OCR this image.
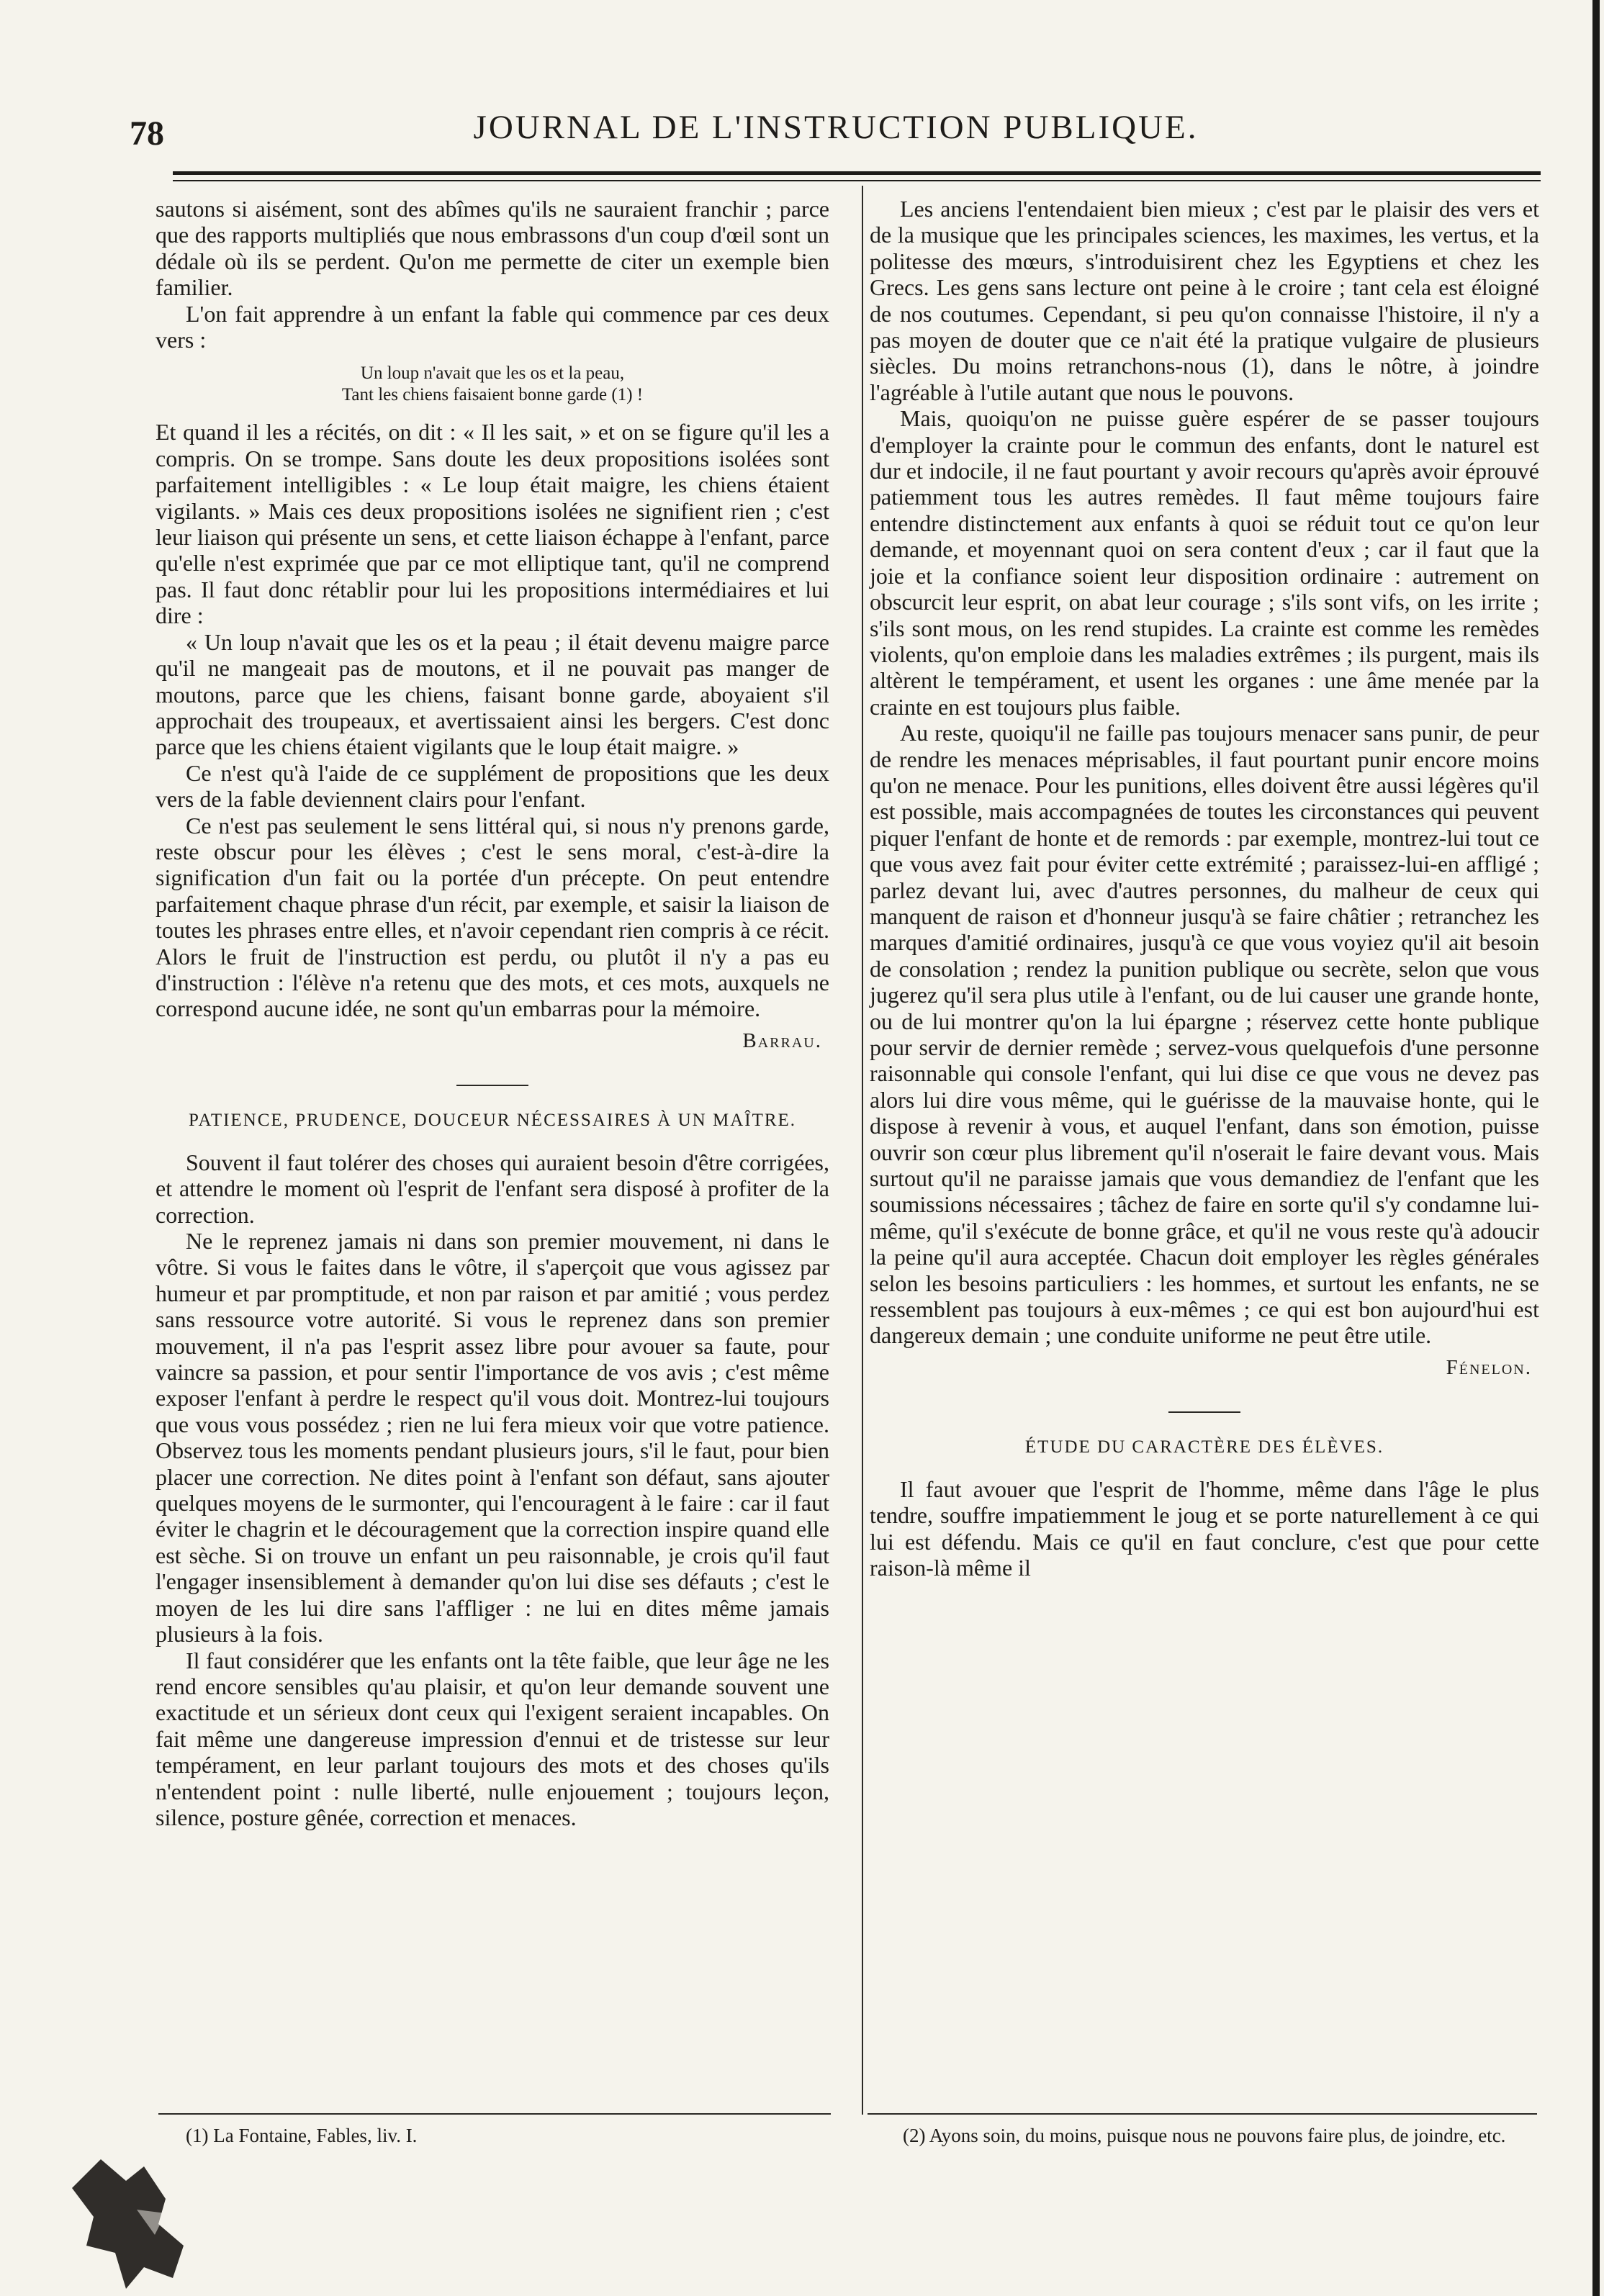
78	JOURNAL DE L'INSTRUCTION PUBLIQUE.

sautons si aisément, sont des abîmes qu'ils ne sauraient franchir ; parce que des rapports multipliés que nous embrassons d'un coup d'œil sont un dédale où ils se perdent. Qu'on me permette de citer un exemple bien familier.

L'on fait apprendre à un enfant la fable qui commence par ces deux vers :

Un loup n'avait que les os et la peau,
Tant les chiens faisaient bonne garde (1) !

Et quand il les a récités, on dit : « Il les sait, » et on se figure qu'il les a compris. On se trompe. Sans doute les deux propositions isolées sont parfaitement intelligibles : « Le loup était maigre, les chiens étaient vigilants. » Mais ces deux propositions isolées ne signifient rien ; c'est leur liaison qui présente un sens, et cette liaison échappe à l'enfant, parce qu'elle n'est exprimée que par ce mot elliptique tant, qu'il ne comprend pas. Il faut donc rétablir pour lui les propositions intermédiaires et lui dire :

« Un loup n'avait que les os et la peau ; il était devenu maigre parce qu'il ne mangeait pas de moutons, et il ne pouvait pas manger de moutons, parce que les chiens, faisant bonne garde, aboyaient s'il approchait des troupeaux, et avertissaient ainsi les bergers. C'est donc parce que les chiens étaient vigilants que le loup était maigre. »

Ce n'est qu'à l'aide de ce supplément de propositions que les deux vers de la fable deviennent clairs pour l'enfant.

Ce n'est pas seulement le sens littéral qui, si nous n'y prenons garde, reste obscur pour les élèves ; c'est le sens moral, c'est-à-dire la signification d'un fait ou la portée d'un précepte. On peut entendre parfaitement chaque phrase d'un récit, par exemple, et saisir la liaison de toutes les phrases entre elles, et n'avoir cependant rien compris à ce récit. Alors le fruit de l'instruction est perdu, ou plutôt il n'y a pas eu d'instruction : l'élève n'a retenu que des mots, et ces mots, auxquels ne correspond aucune idée, ne sont qu'un embarras pour la mémoire.

Barrau.
PATIENCE, PRUDENCE, DOUCEUR NÉCESSAIRES À UN MAÎTRE.

Souvent il faut tolérer des choses qui auraient besoin d'être corrigées, et attendre le moment où l'esprit de l'enfant sera disposé à profiter de la correction.

Ne le reprenez jamais ni dans son premier mouvement, ni dans le vôtre. Si vous le faites dans le vôtre, il s'aperçoit que vous agissez par humeur et par promptitude, et non par raison et par amitié ; vous perdez sans ressource votre autorité. Si vous le reprenez dans son premier mouvement, il n'a pas l'esprit assez libre pour avouer sa faute, pour vaincre sa passion, et pour sentir l'importance de vos avis ; c'est même exposer l'enfant à perdre le respect qu'il vous doit. Montrez-lui toujours que vous vous possédez ; rien ne lui fera mieux voir que votre patience. Observez tous les moments pendant plusieurs jours, s'il le faut, pour bien placer une correction. Ne dites point à l'enfant son défaut, sans ajouter quelques moyens de le surmonter, qui l'encouragent à le faire : car il faut éviter le chagrin et le découragement que la correction inspire quand elle est sèche. Si on trouve un enfant un peu raisonnable, je crois qu'il faut l'engager insensiblement à demander qu'on lui dise ses défauts ; c'est le moyen de les lui dire sans l'affliger : ne lui en dites même jamais plusieurs à la fois.

Il faut considérer que les enfants ont la tête faible, que leur âge ne les rend encore sensibles qu'au plaisir, et qu'on leur demande souvent une exactitude et un sérieux dont ceux qui l'exigent seraient incapables. On fait même une dangereuse impression d'ennui et de tristesse sur leur tempérament, en leur parlant toujours des mots et des choses qu'ils n'entendent point : nulle liberté, nulle enjouement ; toujours leçon, silence, posture gênée, correction et menaces.

Les anciens l'entendaient bien mieux ; c'est par le plaisir des vers et de la musique que les principales sciences, les maximes, les vertus, et la politesse des mœurs, s'introduisirent chez les Egyptiens et chez les Grecs. Les gens sans lecture ont peine à le croire ; tant cela est éloigné de nos coutumes. Cependant, si peu qu'on connaisse l'histoire, il n'y a pas moyen de douter que ce n'ait été la pratique vulgaire de plusieurs siècles. Du moins retranchons-nous (1), dans le nôtre, à joindre l'agréable à l'utile autant que nous le pouvons.

Mais, quoiqu'on ne puisse guère espérer de se passer toujours d'employer la crainte pour le commun des enfants, dont le naturel est dur et indocile, il ne faut pourtant y avoir recours qu'après avoir éprouvé patiemment tous les autres remèdes. Il faut même toujours faire entendre distinctement aux enfants à quoi se réduit tout ce qu'on leur demande, et moyennant quoi on sera content d'eux ; car il faut que la joie et la confiance soient leur disposition ordinaire : autrement on obscurcit leur esprit, on abat leur courage ; s'ils sont vifs, on les irrite ; s'ils sont mous, on les rend stupides. La crainte est comme les remèdes violents, qu'on emploie dans les maladies extrêmes ; ils purgent, mais ils altèrent le tempérament, et usent les organes : une âme menée par la crainte en est toujours plus faible.

Au reste, quoiqu'il ne faille pas toujours menacer sans punir, de peur de rendre les menaces méprisables, il faut pourtant punir encore moins qu'on ne menace. Pour les punitions, elles doivent être aussi légères qu'il est possible, mais accompagnées de toutes les circonstances qui peuvent piquer l'enfant de honte et de remords : par exemple, montrez-lui tout ce que vous avez fait pour éviter cette extrémité ; paraissez-lui-en affligé ; parlez devant lui, avec d'autres personnes, du malheur de ceux qui manquent de raison et d'honneur jusqu'à se faire châtier ; retranchez les marques d'amitié ordinaires, jusqu'à ce que vous voyiez qu'il ait besoin de consolation ; rendez la punition publique ou secrète, selon que vous jugerez qu'il sera plus utile à l'enfant, ou de lui causer une grande honte, ou de lui montrer qu'on la lui épargne ; réservez cette honte publique pour servir de dernier remède ; servez-vous quelquefois d'une personne raisonnable qui console l'enfant, qui lui dise ce que vous ne devez pas alors lui dire vous même, qui le guérisse de la mauvaise honte, qui le dispose à revenir à vous, et auquel l'enfant, dans son émotion, puisse ouvrir son cœur plus librement qu'il n'oserait le faire devant vous. Mais surtout qu'il ne paraisse jamais que vous demandiez de l'enfant que les soumissions nécessaires ; tâchez de faire en sorte qu'il s'y condamne lui-même, qu'il s'exécute de bonne grâce, et qu'il ne vous reste qu'à adoucir la peine qu'il aura acceptée. Chacun doit employer les règles générales selon les besoins particuliers : les hommes, et surtout les enfants, ne se ressemblent pas toujours à eux-mêmes ; ce qui est bon aujourd'hui est dangereux demain ; une conduite uniforme ne peut être utile.

Fénelon.
ÉTUDE DU CARACTÈRE DES ÉLÈVES.

Il faut avouer que l'esprit de l'homme, même dans l'âge le plus tendre, souffre impatiemment le joug et se porte naturellement à ce qui lui est défendu. Mais ce qu'il en faut conclure, c'est que pour cette raison-là même il

(1) La Fontaine, Fables, liv. I.	(2) Ayons soin, du moins, puisque nous ne pouvons faire plus, de joindre, etc.
